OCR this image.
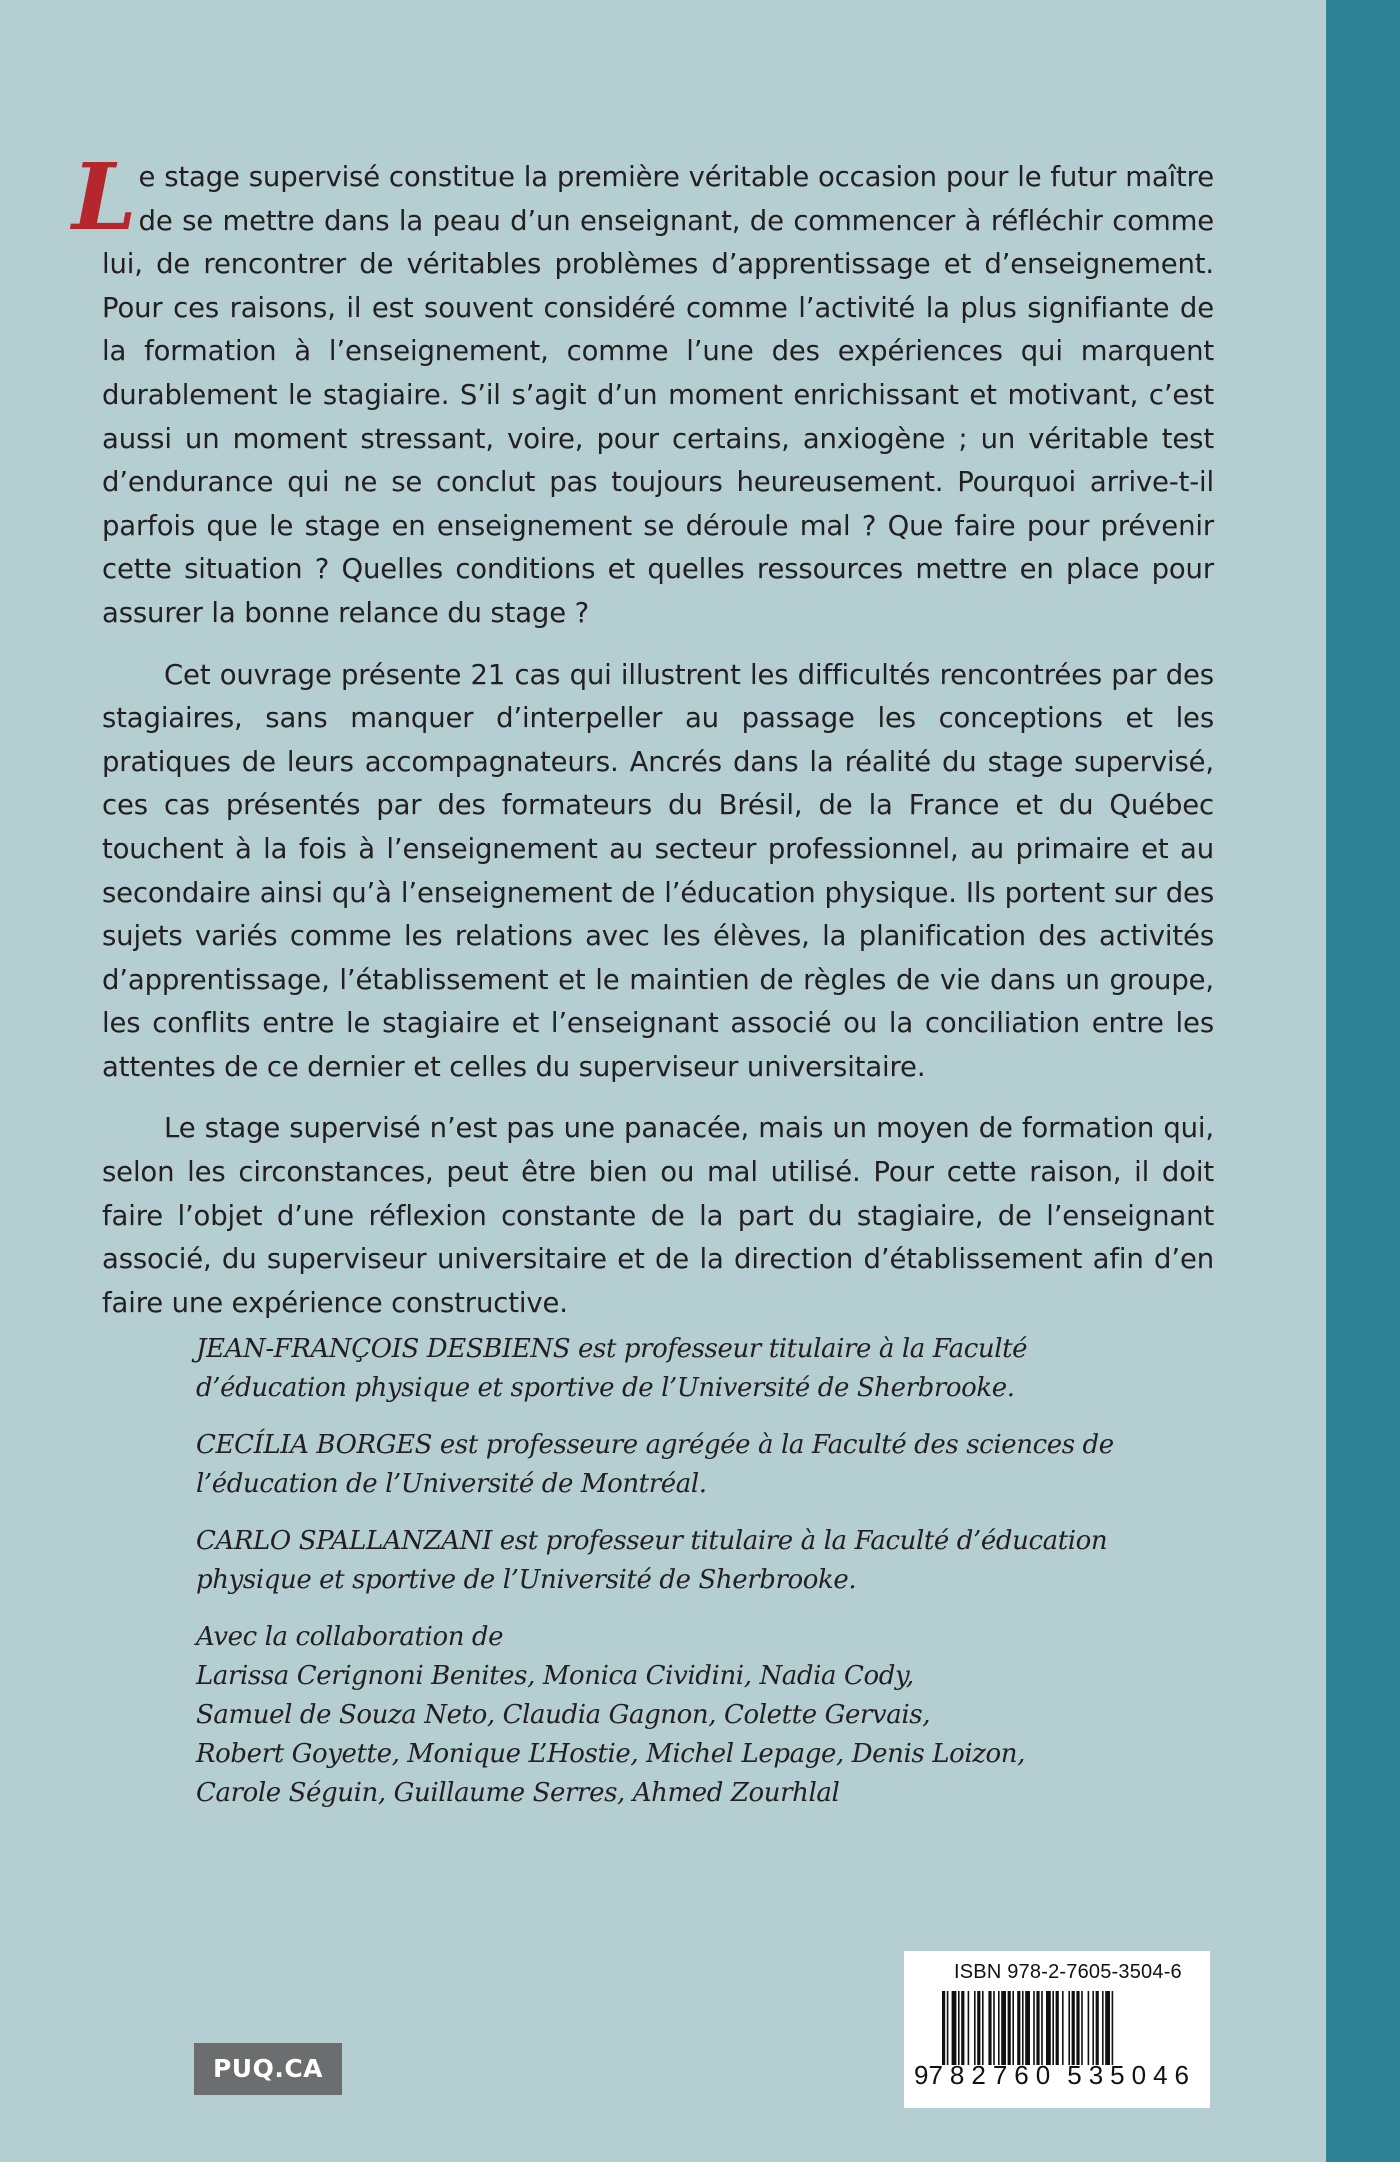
Le stage supervisé constitue la première véritable occasion pour le futur maître de se mettre dans la peau d’un enseignant, de commencer à réfléchir comme lui, de rencontrer de véritables problèmes d’apprentissage et d’enseignement. Pour ces raisons, il est souvent considéré comme l’activité la plus signifiante de la formation à l’enseignement, comme l’une des expériences qui marquent durablement le stagiaire. S’il s’agit d’un moment enrichissant et motivant, c’est aussi un moment stressant, voire, pour certains, anxiogène ; un véritable test d’endurance qui ne se conclut pas toujours heureusement. Pourquoi arrive-t-il parfois que le stage en enseignement se déroule mal ? Que faire pour prévenir cette situation ? Quelles conditions et quelles ressources mettre en place pour assurer la bonne relance du stage ?

Cet ouvrage présente 21 cas qui illustrent les difficultés rencontrées par des stagiaires, sans manquer d’interpeller au passage les conceptions et les pratiques de leurs accompagnateurs. Ancrés dans la réalité du stage supervisé, ces cas présentés par des formateurs du Brésil, de la France et du Québec touchent à la fois à l’enseignement au secteur professionnel, au primaire et au secondaire ainsi qu’à l’enseignement de l’éducation physique. Ils portent sur des sujets variés comme les relations avec les élèves, la planification des activités d’apprentissage, l’établissement et le maintien de règles de vie dans un groupe, les conflits entre le stagiaire et l’enseignant associé ou la conciliation entre les attentes de ce dernier et celles du superviseur universitaire.

Le stage supervisé n’est pas une panacée, mais un moyen de formation qui, selon les circonstances, peut être bien ou mal utilisé. Pour cette raison, il doit faire l’objet d’une réflexion constante de la part du stagiaire, de l’enseignant associé, du superviseur universitaire et de la direction d’établissement afin d’en faire une expérience constructive.

JEAN-FRANÇOIS DESBIENS est professeur titulaire à la Faculté d’éducation physique et sportive de l’Université de Sherbrooke.

CECÍLIA BORGES est professeure agrégée à la Faculté des sciences de l’éducation de l’Université de Montréal.

CARLO SPALLANZANI est professeur titulaire à la Faculté d’éducation physique et sportive de l’Université de Sherbrooke.

Avec la collaboration de
Larissa Cerignoni Benites, Monica Cividini, Nadia Cody,
Samuel de Souza Neto, Claudia Gagnon, Colette Gervais,
Robert Goyette, Monique L’Hostie, Michel Lepage, Denis Loizon,
Carole Séguin, Guillaume Serres, Ahmed Zourhlal

PUQ.CA
ISBN 978-2-7605-3504-6
9 782760 535046
